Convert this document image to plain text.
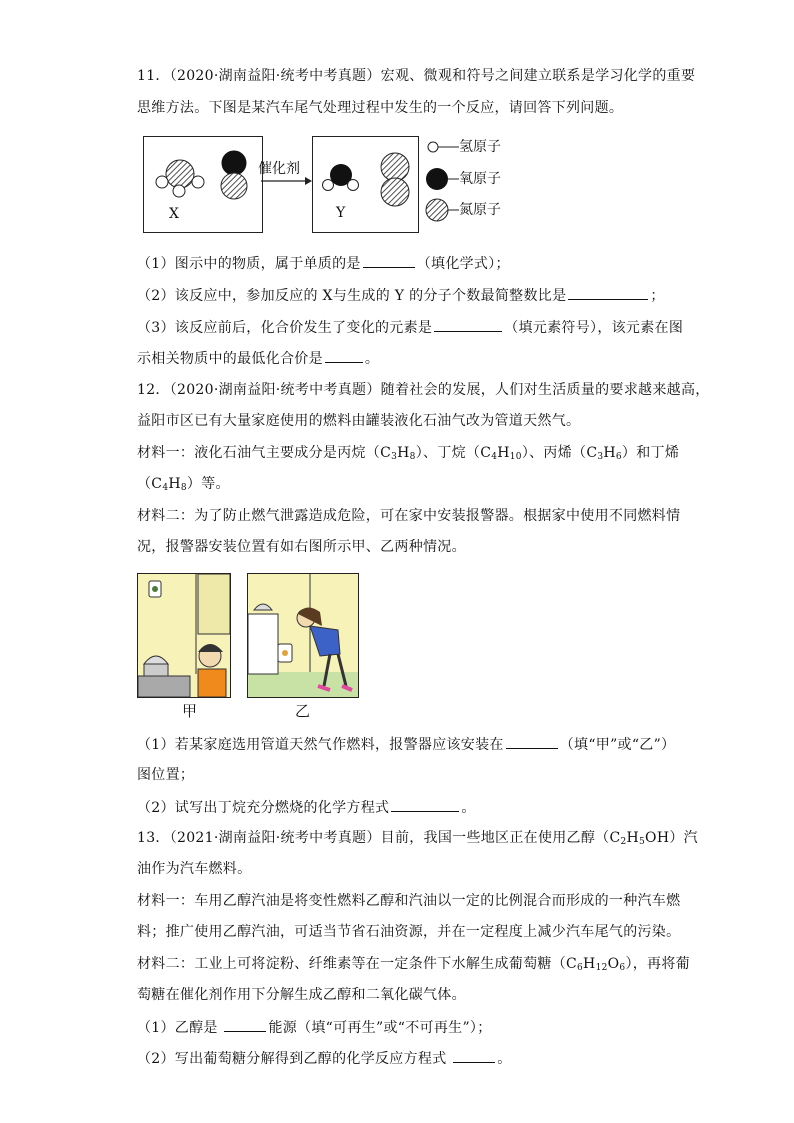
11．（2020·湖南益阳·统考中考真题）宏观、微观和符号之间建立联系是学习化学的重要
思维方法。下图是某汽车尾气处理过程中发生的一个反应，请回答下列问题。
X
催化剂
Y
氢原子
氧原子
氮原子
（1）图示中的物质，属于单质的是	（填化学式）；
（2）该反应中，参加反应的 X与生成的 Y 的分子个数最简整数比是	；
（3）该反应前后，化合价发生了变化的元素是	（填元素符号），该元素在图
示相关物质中的最低化合价是	。
12．（2020·湖南益阳·统考中考真题）随着社会的发展，人们对生活质量的要求越来越高，
益阳市区已有大量家庭使用的燃料由罐装液化石油气改为管道天然气。
材料一：液化石油气主要成分是丙烷$(C_3H_8)$、丁烷$(C_4H_{10})$、丙烯$(C_3H_6)$和丁烯
$(C_4H_8)$等。
材料二：为了防止燃气泄露造成危险，可在家中安装报警器。根据家中使用不同燃料情
况，报警器安装位置有如右图所示甲、乙两种情况。
甲	乙
（1）若某家庭选用管道天然气作燃料，报警器应该安装在	（填“甲”或“乙”）
图位置；
（2）试写出丁烷充分燃烧的化学方程式	。
13．（2021·湖南益阳·统考中考真题）目前，我国一些地区正在使用乙醇$(C_2H_5OH)$汽
油作为汽车燃料。
材料一：车用乙醇汽油是将变性燃料乙醇和汽油以一定的比例混合而形成的一种汽车燃
料；推广使用乙醇汽油，可适当节省石油资源，并在一定程度上减少汽车尾气的污染。
材料二：工业上可将淀粉、纤维素等在一定条件下水解生成葡萄糖$(C_6H_{12}O_6)$，再将葡
萄糖在催化剂作用下分解生成乙醇和二氧化碳气体。
（1）乙醇是	能源（填“可再生”或“不可再生”）；
（2）写出葡萄糖分解得到乙醇的化学反应方程式	。
